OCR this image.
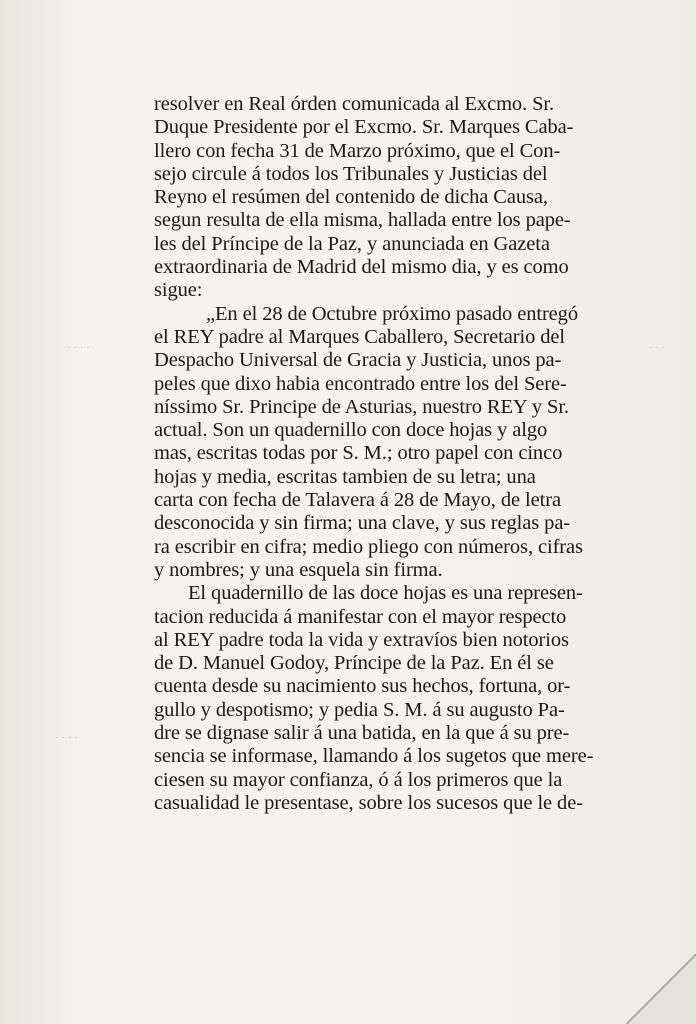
· · · ·
	· · ·

· · · ·

resolver en Real órden comunicada al Excmo. Sr.
Duque Presidente por el Excmo. Sr. Marques Caba-
llero con fecha 31 de Marzo próximo, que el Con-
sejo circule á todos los Tribunales y Justicias del
Reyno el resúmen del contenido de dicha Causa,
segun resulta de ella misma, hallada entre los pape-
les del Príncipe de la Paz, y anunciada en Gazeta
extraordinaria de Madrid del mismo dia, y es como
sigue:

„En el 28 de Octubre próximo pasado entregó

el REY padre al Marques Caballero, Secretario del
Despacho Universal de Gracia y Justicia, unos pa-
peles que dixo habia encontrado entre los del Sere-
níssimo Sr. Principe de Asturias, nuestro REY y Sr.
actual. Son un quadernillo con doce hojas y algo
mas, escritas todas por S. M.; otro papel con cinco
hojas y media, escritas tambien de su letra; una
carta con fecha de Talavera á 28 de Mayo, de letra
desconocida y sin firma; una clave, y sus reglas pa-
ra escribir en cifra; medio pliego con números, cifras
y nombres; y una esquela sin firma.

El quadernillo de las doce hojas es una represen-

tacion reducida á manifestar con el mayor respecto
al REY padre toda la vida y extravíos bien notorios
de D. Manuel Godoy, Príncipe de la Paz. En él se
cuenta desde su nacimiento sus hechos, fortuna, or-
gullo y despotismo; y pedia S. M. á su augusto Pa-
dre se dignase salir á una batida, en la que á su pre-
sencia se informase, llamando á los sugetos que mere-
ciesen su mayor confianza, ó á los primeros que la
casualidad le presentase, sobre los sucesos que le de-
